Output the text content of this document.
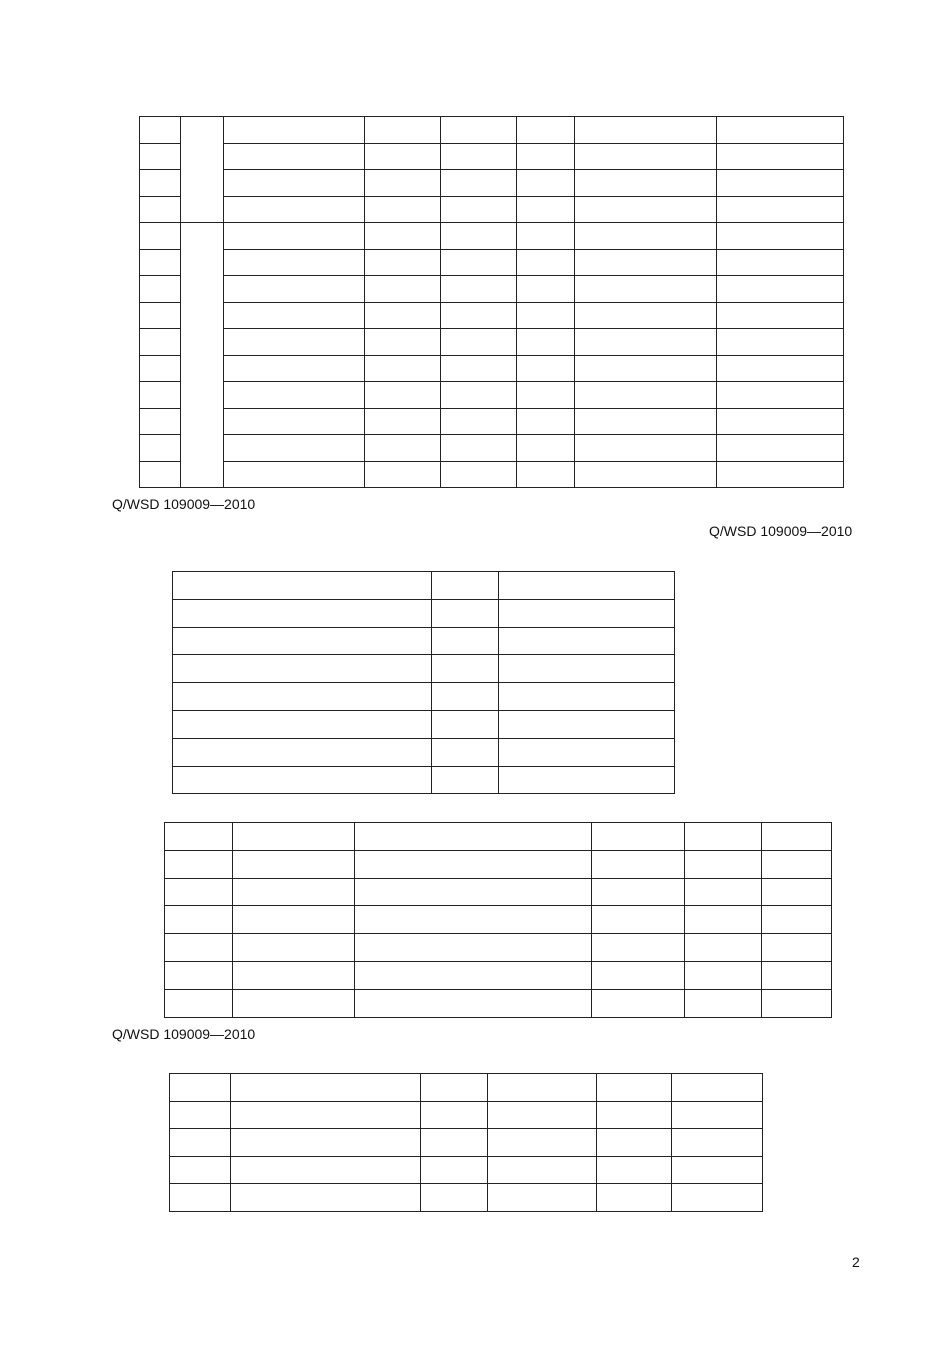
Q/WSD 109009—2010
Q/WSD 109009—2010

Q/WSD 109009—2010

2
